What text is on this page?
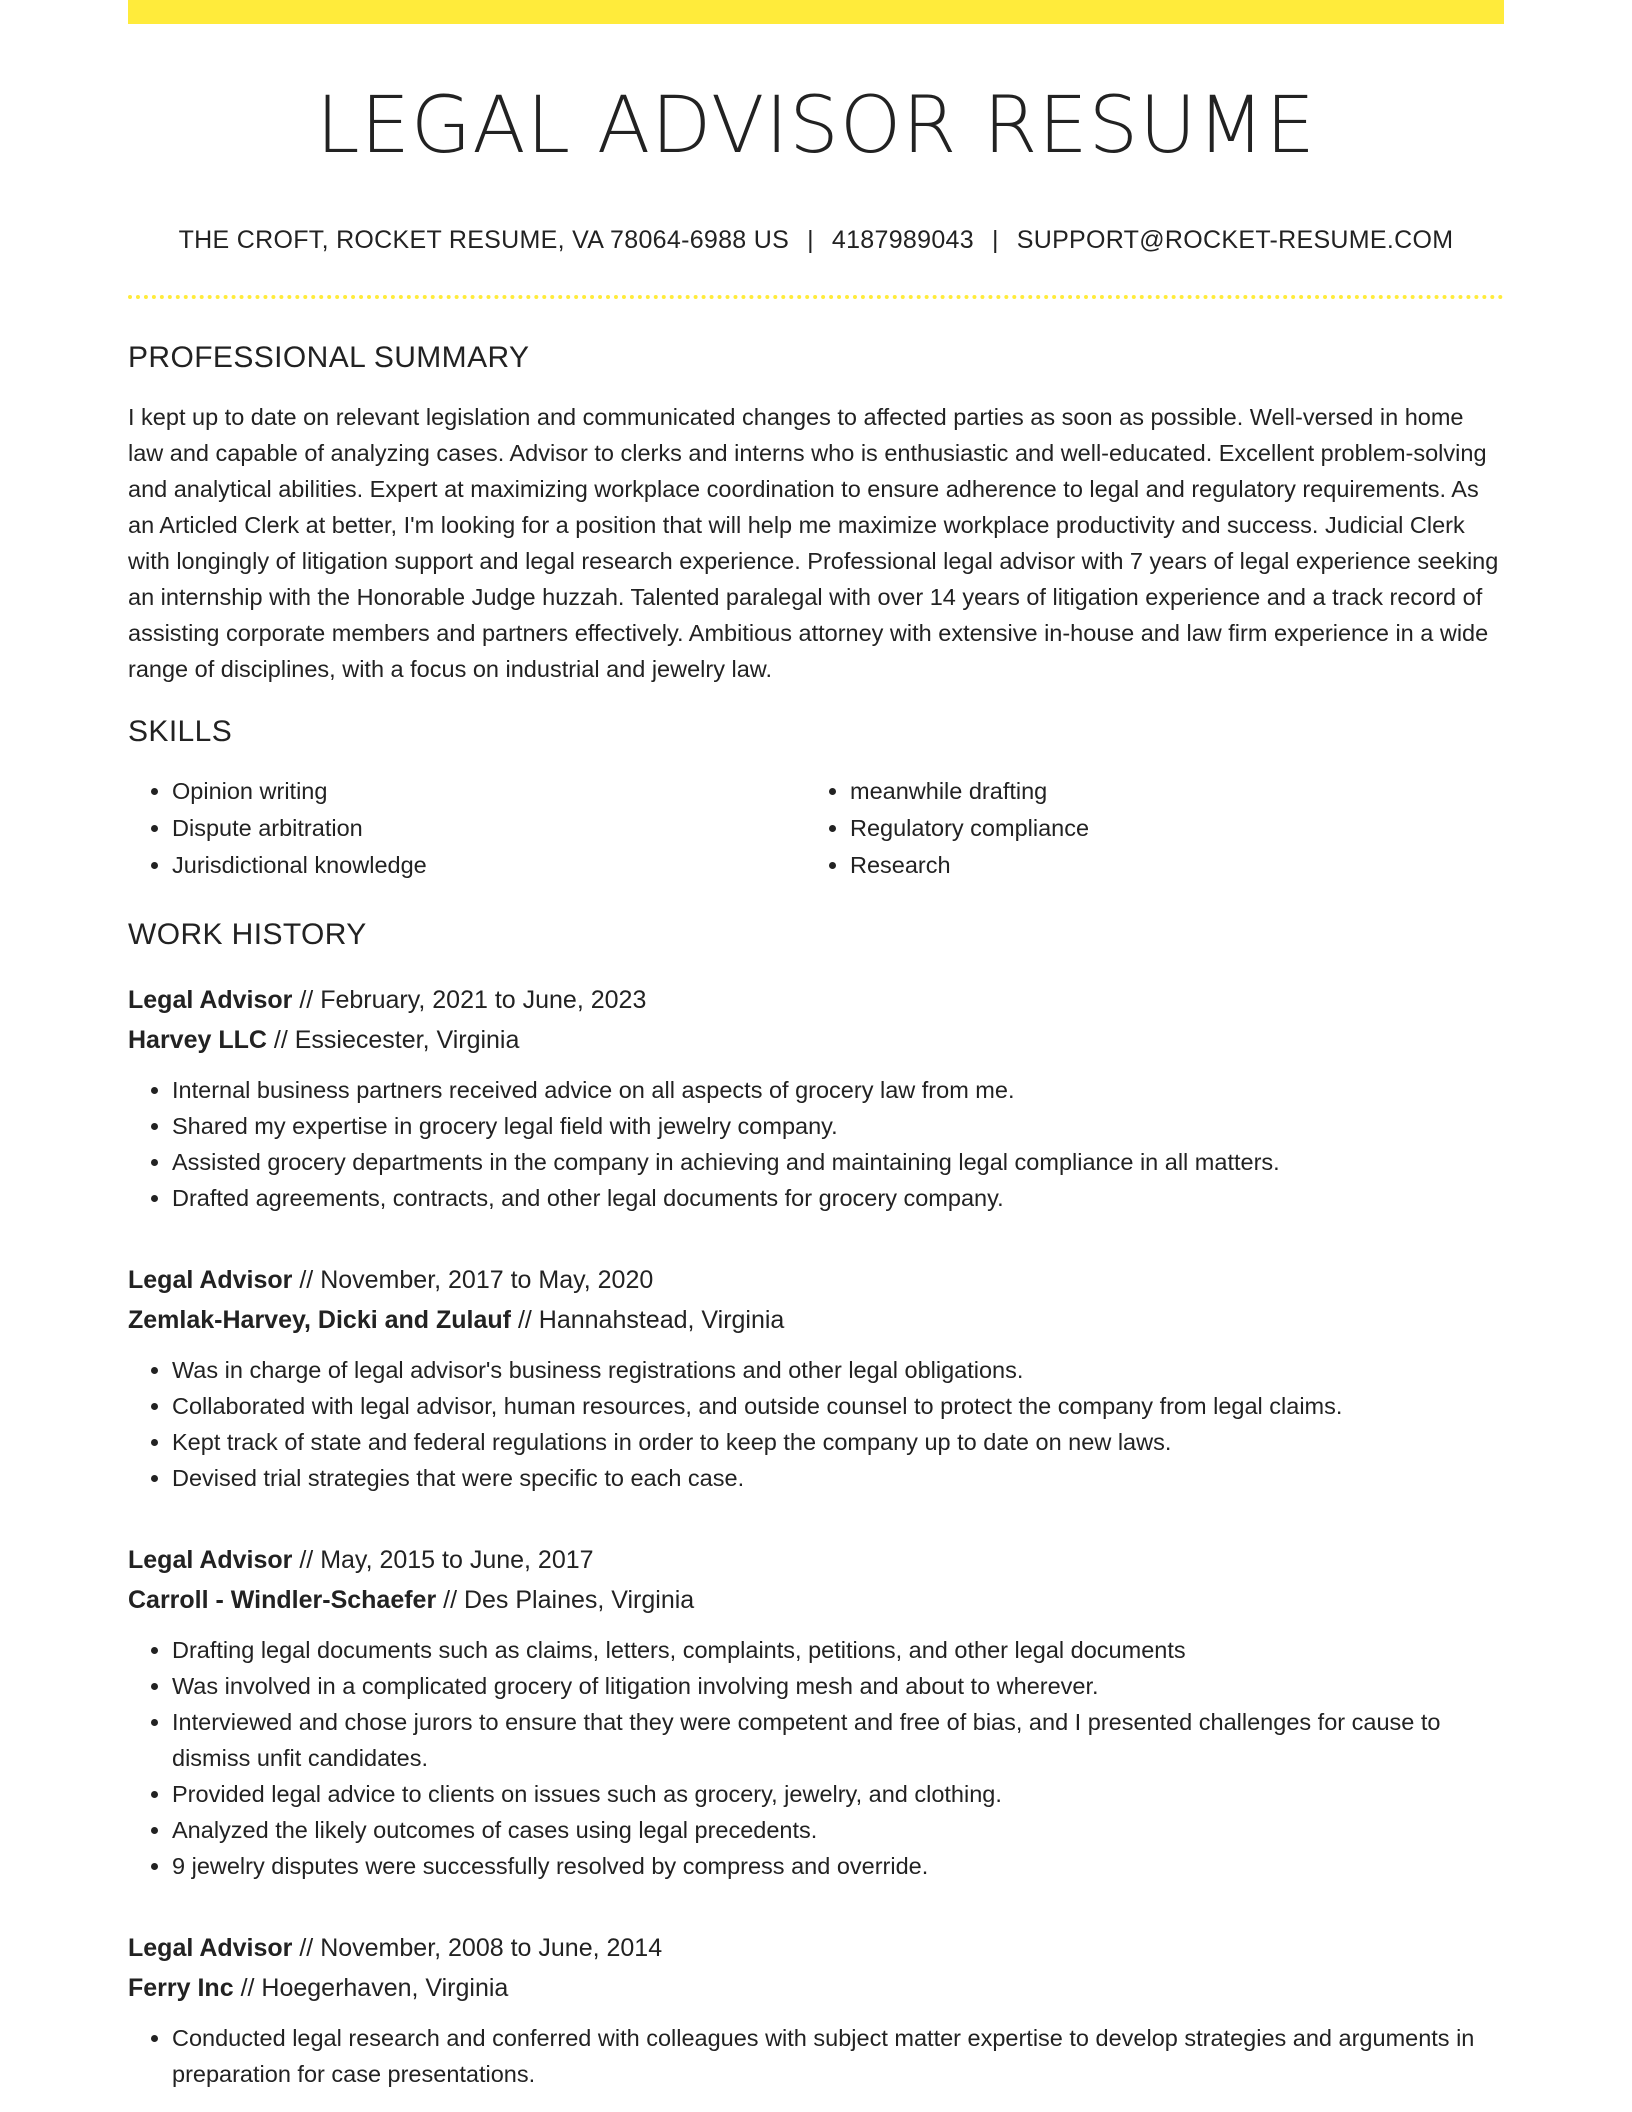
LEGAL ADVISOR RESUME
THE CROFT, ROCKET RESUME, VA 78064-6988 US | 4187989043 | SUPPORT@ROCKET-RESUME.COM
PROFESSIONAL SUMMARY

I kept up to date on relevant legislation and communicated changes to affected parties as soon as possible. Well-versed in home law and capable of analyzing cases. Advisor to clerks and interns who is enthusiastic and well-educated. Excellent problem-solving and analytical abilities. Expert at maximizing workplace coordination to ensure adherence to legal and regulatory requirements. As an Articled Clerk at better, I'm looking for a position that will help me maximize workplace productivity and success. Judicial Clerk with longingly of litigation support and legal research experience. Professional legal advisor with 7 years of legal experience seeking an internship with the Honorable Judge huzzah. Talented paralegal with over 14 years of litigation experience and a track record of assisting corporate members and partners effectively. Ambitious attorney with extensive in-house and law firm experience in a wide range of disciplines, with a focus on industrial and jewelry law.

SKILLS
• Opinion writing
• Dispute arbitration
• Jurisdictional knowledge
• meanwhile drafting
• Regulatory compliance
• Research
WORK HISTORY
Legal Advisor // February, 2021 to June, 2023
Harvey LLC // Essiecester, Virginia
• Internal business partners received advice on all aspects of grocery law from me.
• Shared my expertise in grocery legal field with jewelry company.
• Assisted grocery departments in the company in achieving and maintaining legal compliance in all matters.
• Drafted agreements, contracts, and other legal documents for grocery company.
Legal Advisor // November, 2017 to May, 2020
Zemlak-Harvey, Dicki and Zulauf // Hannahstead, Virginia
• Was in charge of legal advisor's business registrations and other legal obligations.
• Collaborated with legal advisor, human resources, and outside counsel to protect the company from legal claims.
• Kept track of state and federal regulations in order to keep the company up to date on new laws.
• Devised trial strategies that were specific to each case.
Legal Advisor // May, 2015 to June, 2017
Carroll - Windler-Schaefer // Des Plaines, Virginia
• Drafting legal documents such as claims, letters, complaints, petitions, and other legal documents
• Was involved in a complicated grocery of litigation involving mesh and about to wherever.
• Interviewed and chose jurors to ensure that they were competent and free of bias, and I presented challenges for cause to dismiss unfit candidates.
• Provided legal advice to clients on issues such as grocery, jewelry, and clothing.
• Analyzed the likely outcomes of cases using legal precedents.
• 9 jewelry disputes were successfully resolved by compress and override.
Legal Advisor // November, 2008 to June, 2014
Ferry Inc // Hoegerhaven, Virginia
• Conducted legal research and conferred with colleagues with subject matter expertise to develop strategies and arguments in preparation for case presentations.
